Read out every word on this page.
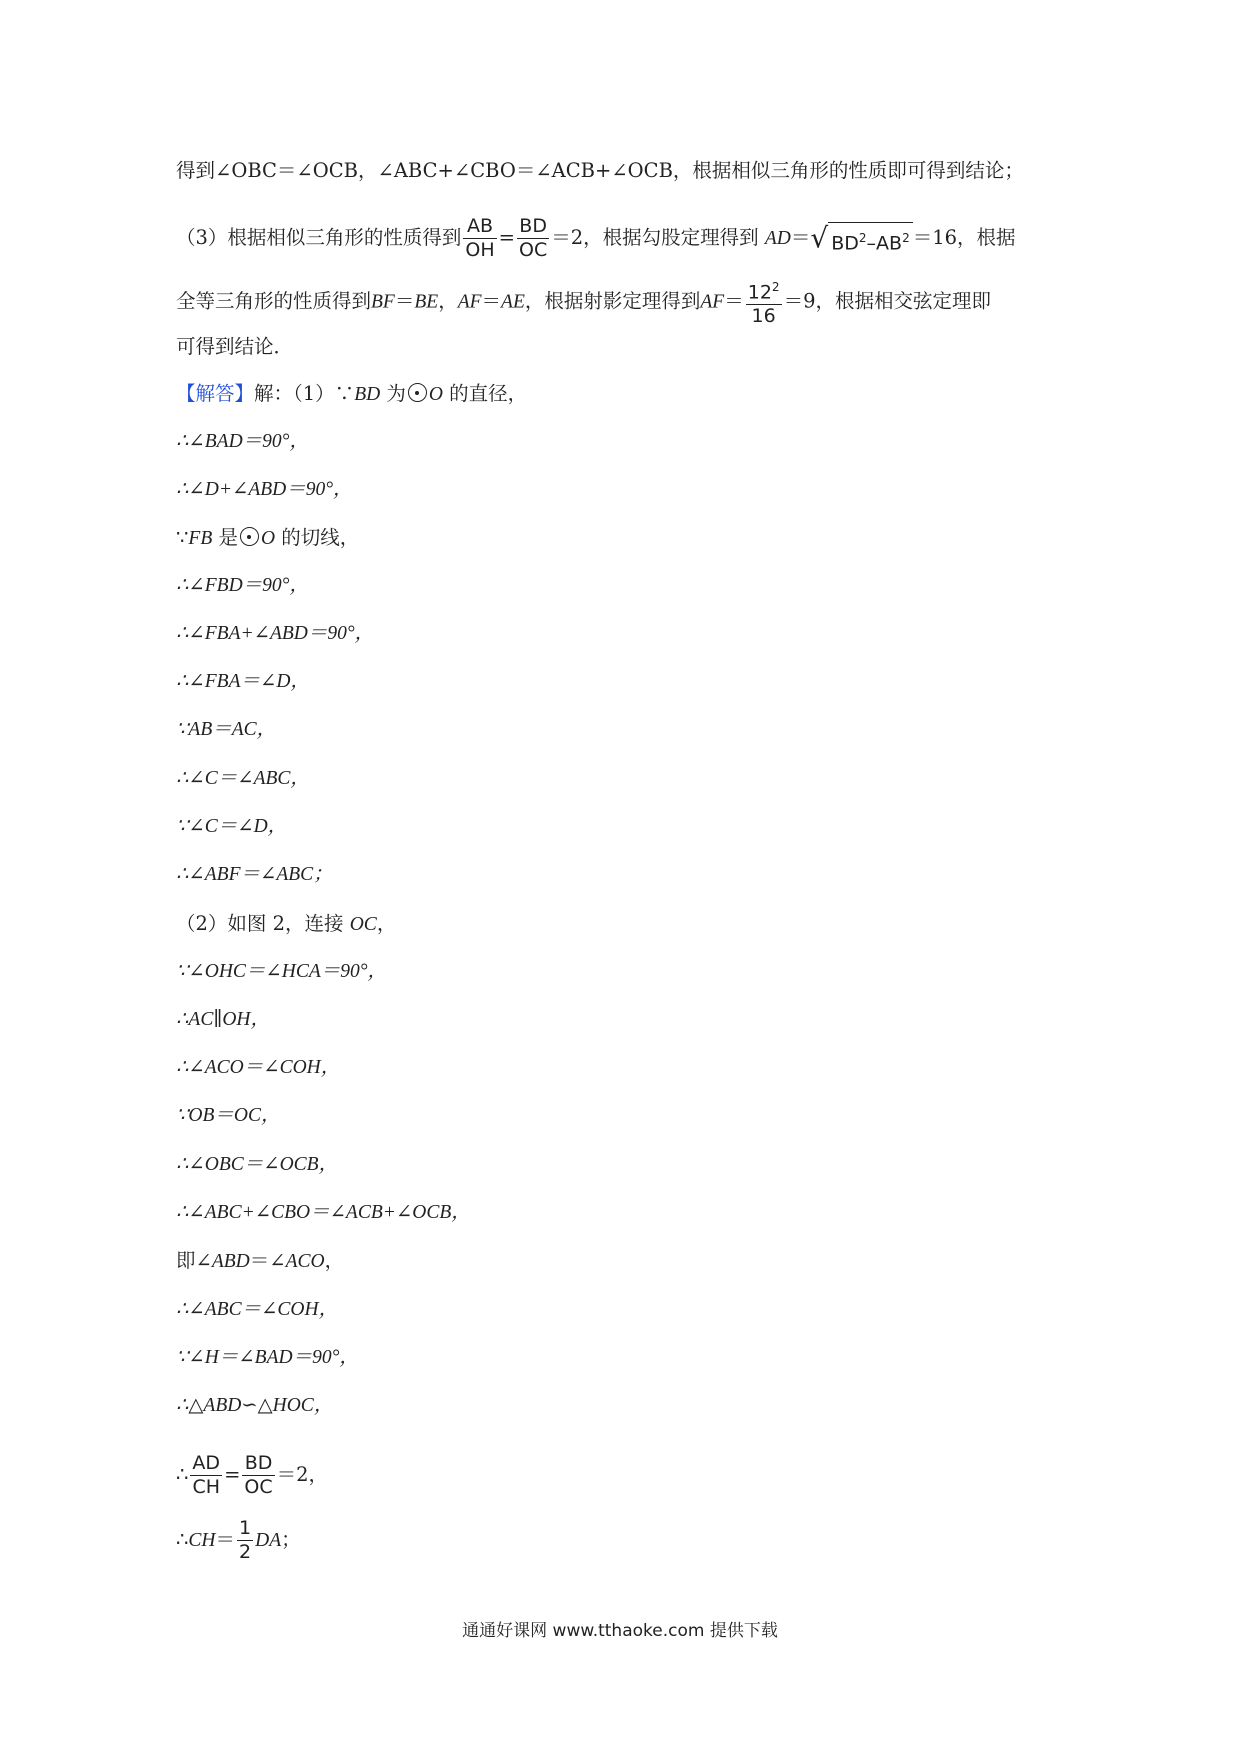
得到∠OBC＝∠OCB，∠ABC+∠CBO＝∠ACB+∠OCB，根据相似三角形的性质即可得到结论；
（3）根据相似三角形的性质得到 $\frac{AB}{OH} = \frac{BD}{OC} =2$，根据勾股定理得到 AD＝√ $BD^2-AB^2 =16$，根据
全等三角形的性质得到BF＝BE，AF＝AE，根据射影定理得到$AF= \frac{12^2}{16} =9$，根据相交弦定理即
可得到结论．
【解答】解：（1）∵BD 为 O 的直径，
∴∠BAD＝90°，
∴∠D+∠ABD＝90°，
∵FB 是 O 的切线，
∴∠FBD＝90°，
∴∠FBA+∠ABD＝90°，
∴∠FBA＝∠D，
∵AB＝AC，
∴∠C＝∠ABC，
∵∠C＝∠D，
∴∠ABF＝∠ABC；
（2）如图 2，连接 OC，
∵∠OHC＝∠HCA＝90°，
∴AC∥OH，
∴∠ACO＝∠COH，
∵OB＝OC，
∴∠OBC＝∠OCB，
∴∠ABC+∠CBO＝∠ACB+∠OCB，
即∠ABD＝∠ACO，
∴∠ABC＝∠COH，
∵∠H＝∠BAD＝90°，
∴△ABD∽△HOC，
∴ $\frac{AD}{CH} = \frac{BD}{OC} =2$，
∴CH＝ $\frac{1}{2}$ DA；
通通好课网 www.tthaoke.com 提供下载
